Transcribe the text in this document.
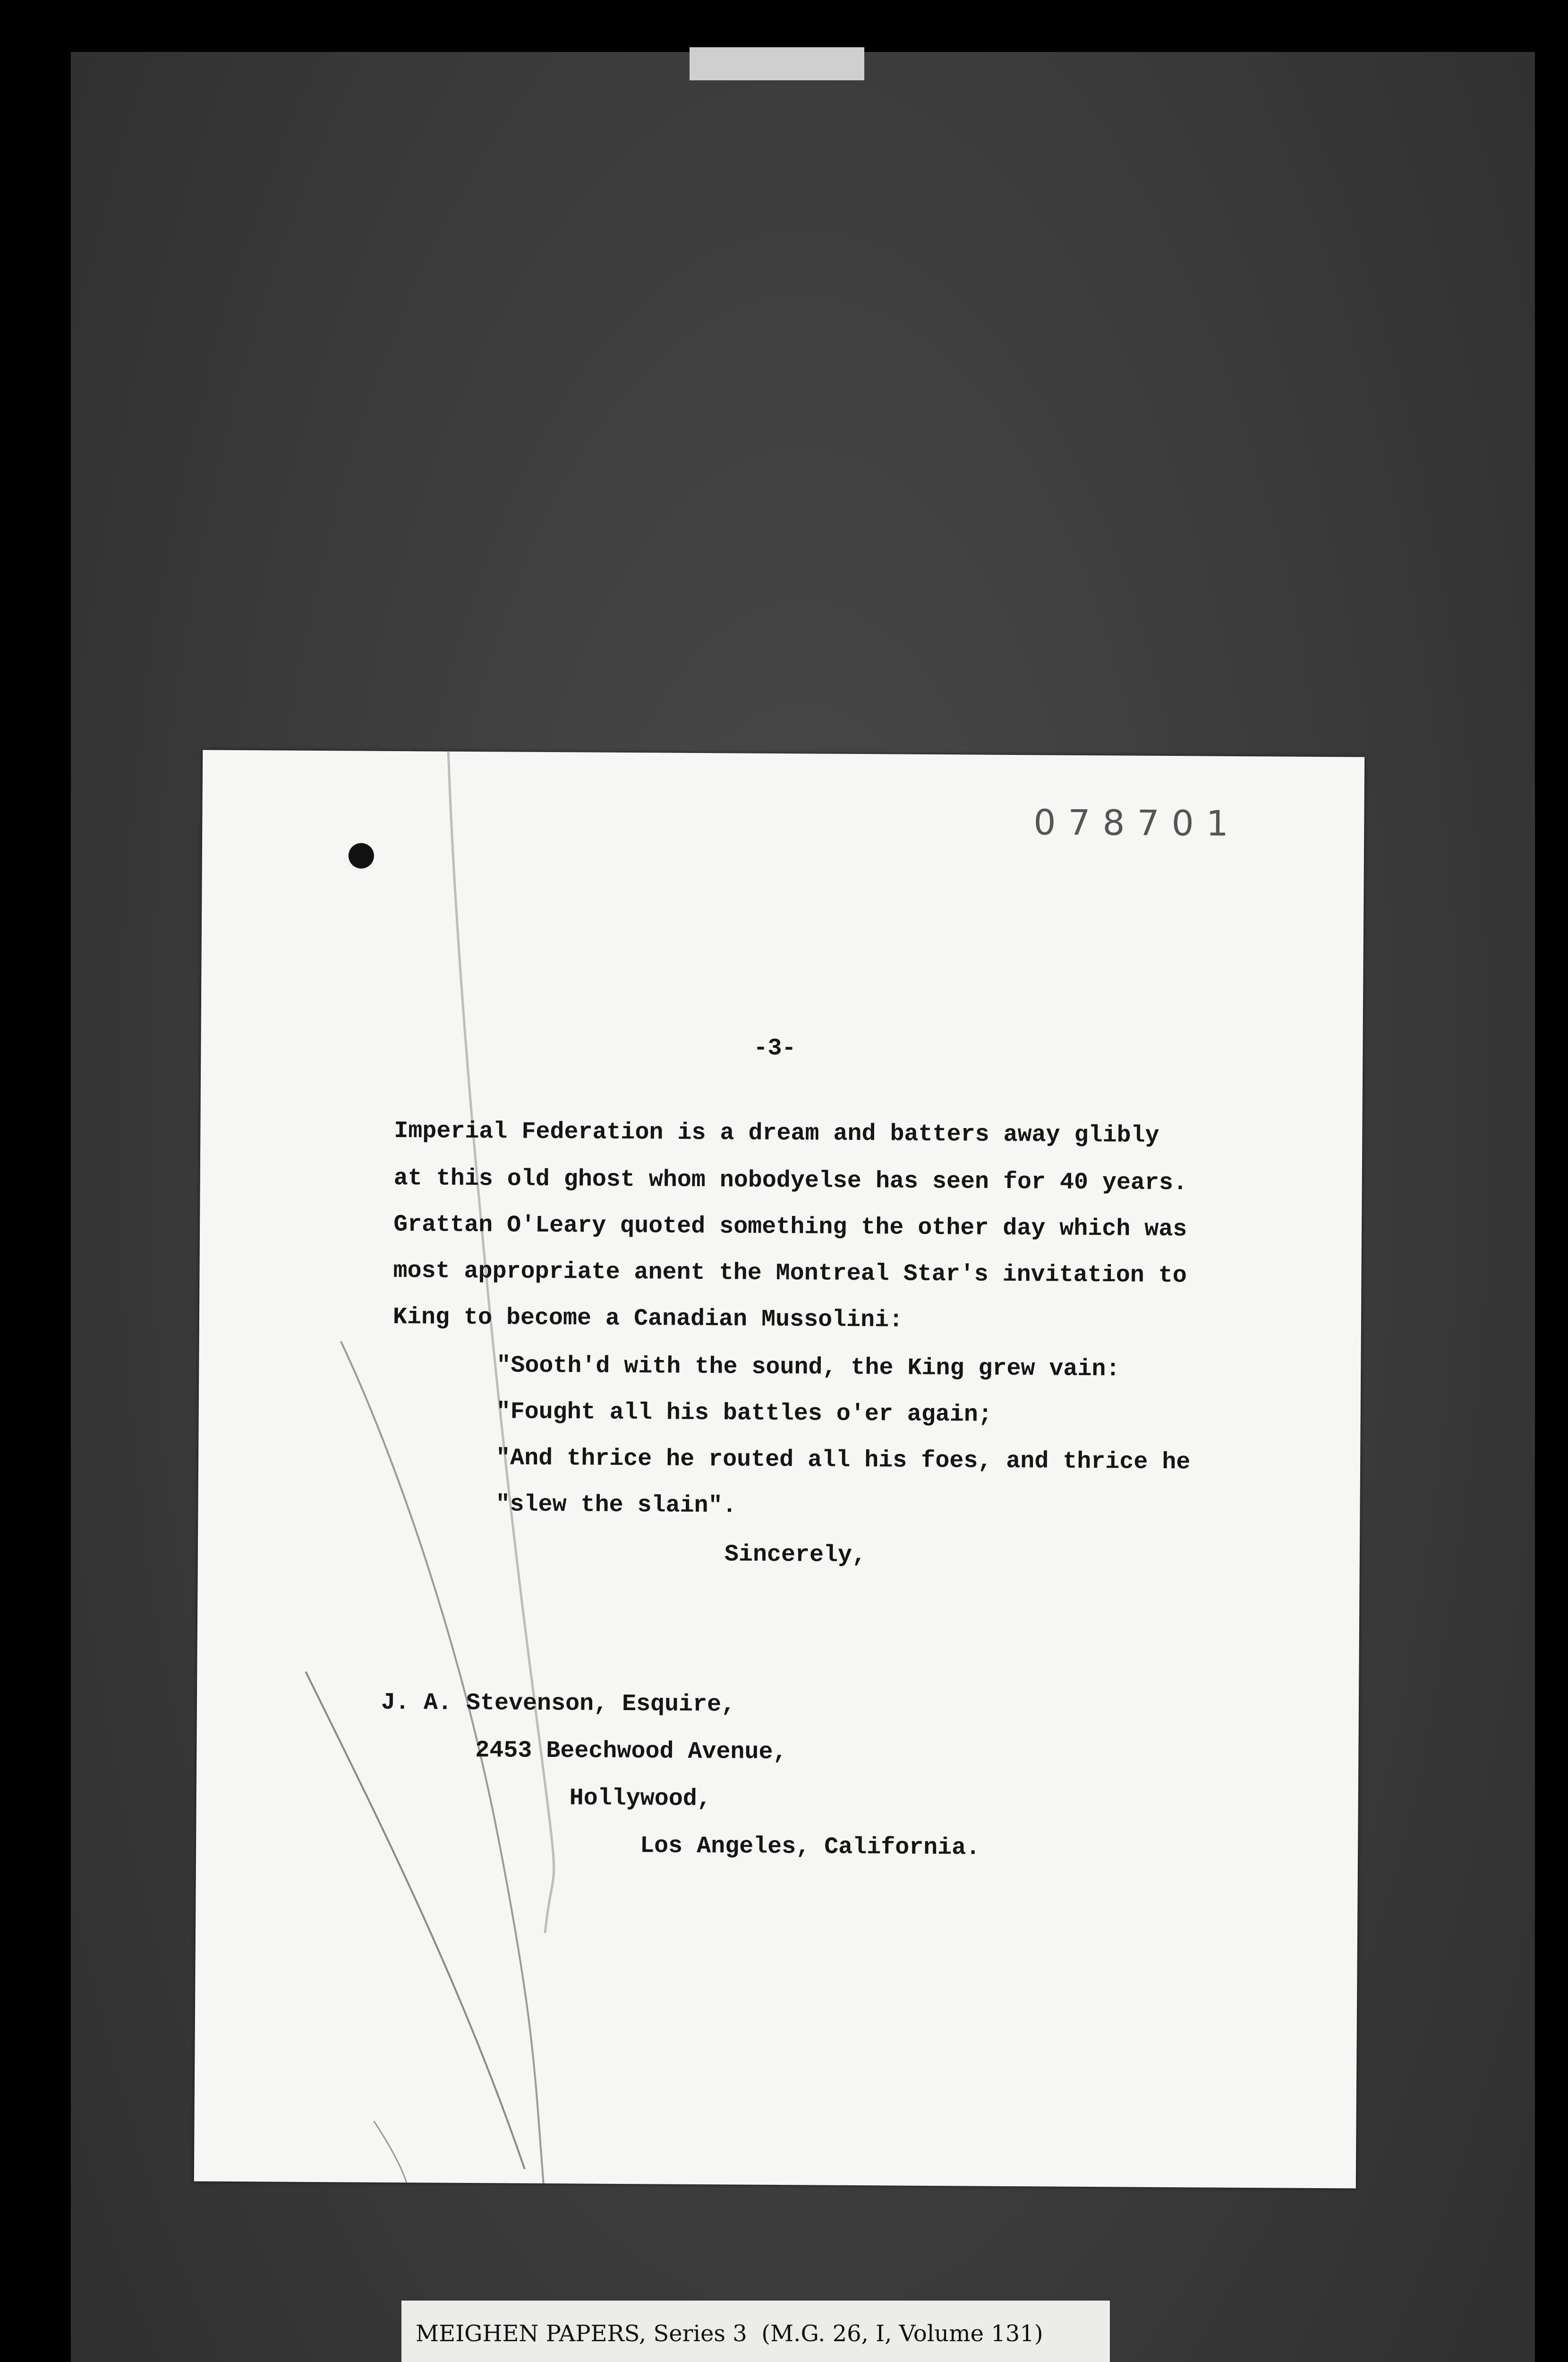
078701
-3-
Imperial Federation is a dream and batters away glibly
at this old ghost whom nobodyelse has seen for 40 years.
Grattan O'Leary quoted something the other day which was
most appropriate anent the Montreal Star's invitation to
King to become a Canadian Mussolini:
"Sooth'd with the sound, the King grew vain:
"Fought all his battles o'er again;
"And thrice he routed all his foes, and thrice he
"slew the slain".
Sincerely,
J. A. Stevenson, Esquire,
2453 Beechwood Avenue,
Hollywood,
Los Angeles, California.
MEIGHEN PAPERS, Series 3  (M.G. 26, I, Volume 131)
